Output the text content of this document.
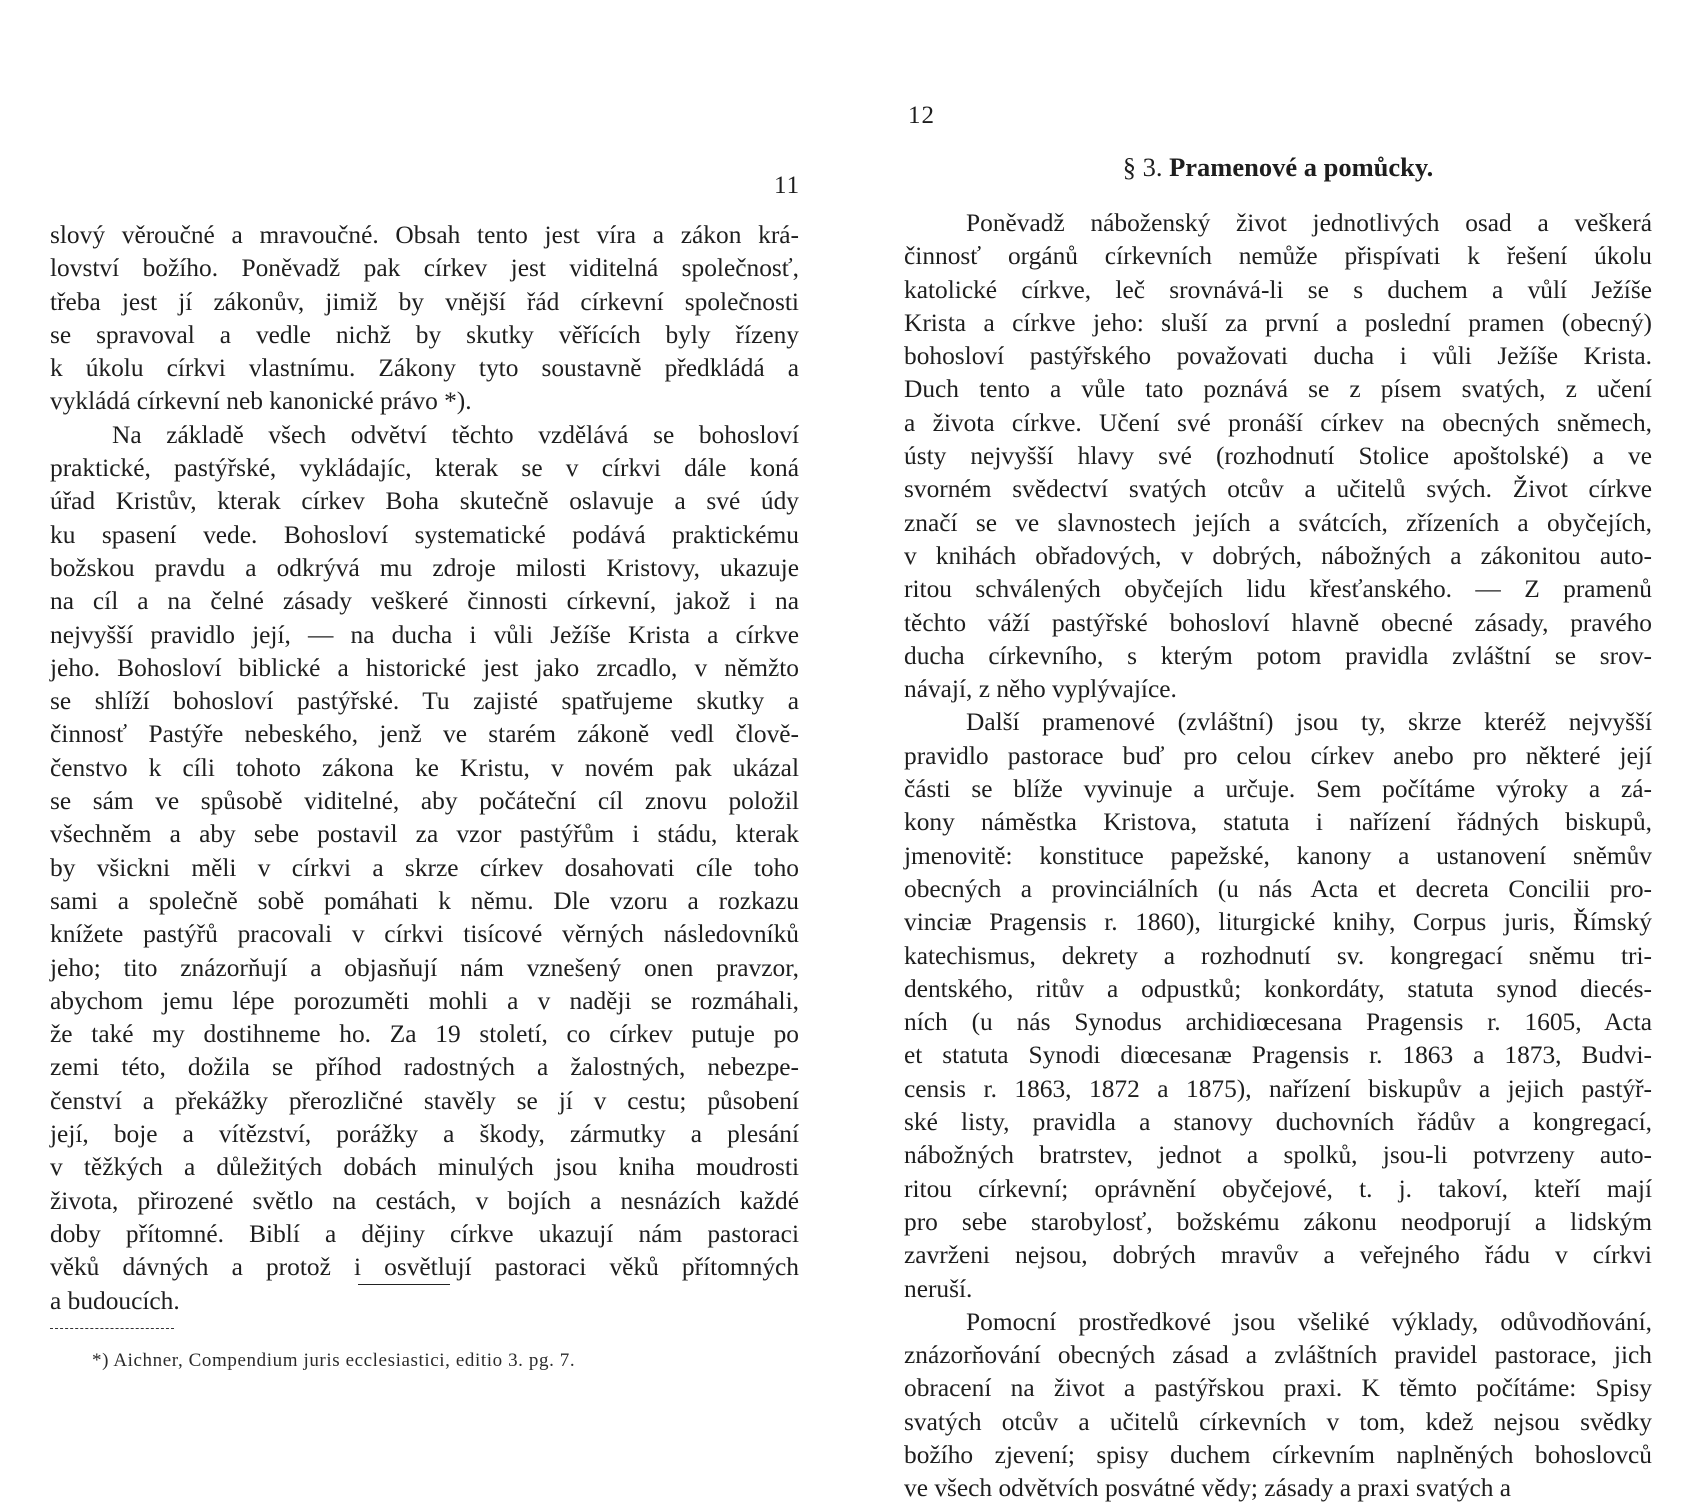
11
slový věroučné a mravoučné. Obsah tento jest víra a zákon krá-
lovství božího. Poněvadž pak církev jest viditelná společnosť,
třeba jest jí zákonův, jimiž by vnější řád církevní společnosti
se spravoval a vedle nichž by skutky věřících byly řízeny
k úkolu církvi vlastnímu. Zákony tyto soustavně předkládá a
vykládá církevní neb kanonické právo *).
Na základě všech odvětví těchto vzdělává se bohosloví
praktické, pastýřské, vykládajíc, kterak se v církvi dále koná
úřad Kristův, kterak církev Boha skutečně oslavuje a své údy
ku spasení vede. Bohosloví systematické podává praktickému
božskou pravdu a odkrývá mu zdroje milosti Kristovy, ukazuje
na cíl a na čelné zásady veškeré činnosti církevní, jakož i na
nejvyšší pravidlo její, — na ducha i vůli Ježíše Krista a církve
jeho. Bohosloví biblické a historické jest jako zrcadlo, v němžto
se shlíží bohosloví pastýřské. Tu zajisté spatřujeme skutky a
činnosť Pastýře nebeského, jenž ve starém zákoně vedl člově-
čenstvo k cíli tohoto zákona ke Kristu, v novém pak ukázal
se sám ve spůsobě viditelné, aby počáteční cíl znovu položil
všechněm a aby sebe postavil za vzor pastýřům i stádu, kterak
by všickni měli v církvi a skrze církev dosahovati cíle toho
sami a společně sobě pomáhati k němu. Dle vzoru a rozkazu
knížete pastýřů pracovali v církvi tisícové věrných následovníků
jeho; tito znázorňují a objasňují nám vznešený onen pravzor,
abychom jemu lépe porozuměti mohli a v naději se rozmáhali,
že také my dostihneme ho. Za 19 století, co církev putuje po
zemi této, dožila se příhod radostných a žalostných, nebezpe-
čenství a překážky přerozličné stavěly se jí v cestu; působení
její, boje a vítězství, porážky a škody, zármutky a plesání
v těžkých a důležitých dobách minulých jsou kniha moudrosti
života, přirozené světlo na cestách, v bojích a nesnázích každé
doby přítomné. Biblí a dějiny církve ukazují nám pastoraci
věků dávných a protož i osvětlují pastoraci věků přítomných
a budoucích.
*) Aichner, Compendium juris ecclesiastici, editio 3. pg. 7.
12
§ 3. Pramenové a pomůcky.
Poněvadž náboženský život jednotlivých osad a veškerá
činnosť orgánů církevních nemůže přispívati k řešení úkolu
katolické církve, leč srovnává-li se s duchem a vůlí Ježíše
Krista a církve jeho: sluší za první a poslední pramen (obecný)
bohosloví pastýřského považovati ducha i vůli Ježíše Krista.
Duch tento a vůle tato poznává se z písem svatých, z učení
a života církve. Učení své pronáší církev na obecných sněmech,
ústy nejvyšší hlavy své (rozhodnutí Stolice apoštolské) a ve
svorném svědectví svatých otcův a učitelů svých. Život církve
značí se ve slavnostech jejích a svátcích, zřízeních a obyčejích,
v knihách obřadových, v dobrých, nábožných a zákonitou auto-
ritou schválených obyčejích lidu křesťanského. — Z pramenů
těchto váží pastýřské bohosloví hlavně obecné zásady, pravého
ducha církevního, s kterým potom pravidla zvláštní se srov-
návají, z něho vyplývajíce.
Další pramenové (zvláštní) jsou ty, skrze kteréž nejvyšší
pravidlo pastorace buď pro celou církev anebo pro některé její
části se blíže vyvinuje a určuje. Sem počítáme výroky a zá-
kony náměstka Kristova, statuta i nařízení řádných biskupů,
jmenovitě: konstituce papežské, kanony a ustanovení sněmův
obecných a provinciálních (u nás Acta et decreta Concilii pro-
vinciæ Pragensis r. 1860), liturgické knihy, Corpus juris, Římský
katechismus, dekrety a rozhodnutí sv. kongregací sněmu tri-
dentského, ritův a odpustků; konkordáty, statuta synod diecés-
ních (u nás Synodus archidiœcesana Pragensis r. 1605, Acta
et statuta Synodi diœcesanæ Pragensis r. 1863 a 1873, Budvi-
censis r. 1863, 1872 a 1875), nařízení biskupův a jejich pastýř-
ské listy, pravidla a stanovy duchovních řádův a kongregací,
nábožných bratrstev, jednot a spolků, jsou-li potvrzeny auto-
ritou církevní; oprávnění obyčejové, t. j. takoví, kteří mají
pro sebe starobylosť, božskému zákonu neodporují a lidským
zavrženi nejsou, dobrých mravův a veřejného řádu v církvi
neruší.
Pomocní prostředkové jsou všeliké výklady, odůvodňování,
znázorňování obecných zásad a zvláštních pravidel pastorace, jich
obracení na život a pastýřskou praxi. K těmto počítáme: Spisy
svatých otcův a učitelů církevních v tom, kdež nejsou svědky
božího zjevení; spisy duchem církevním naplněných bohoslovců
ve všech odvětvích posvátné vědy; zásady a praxi svatých a
